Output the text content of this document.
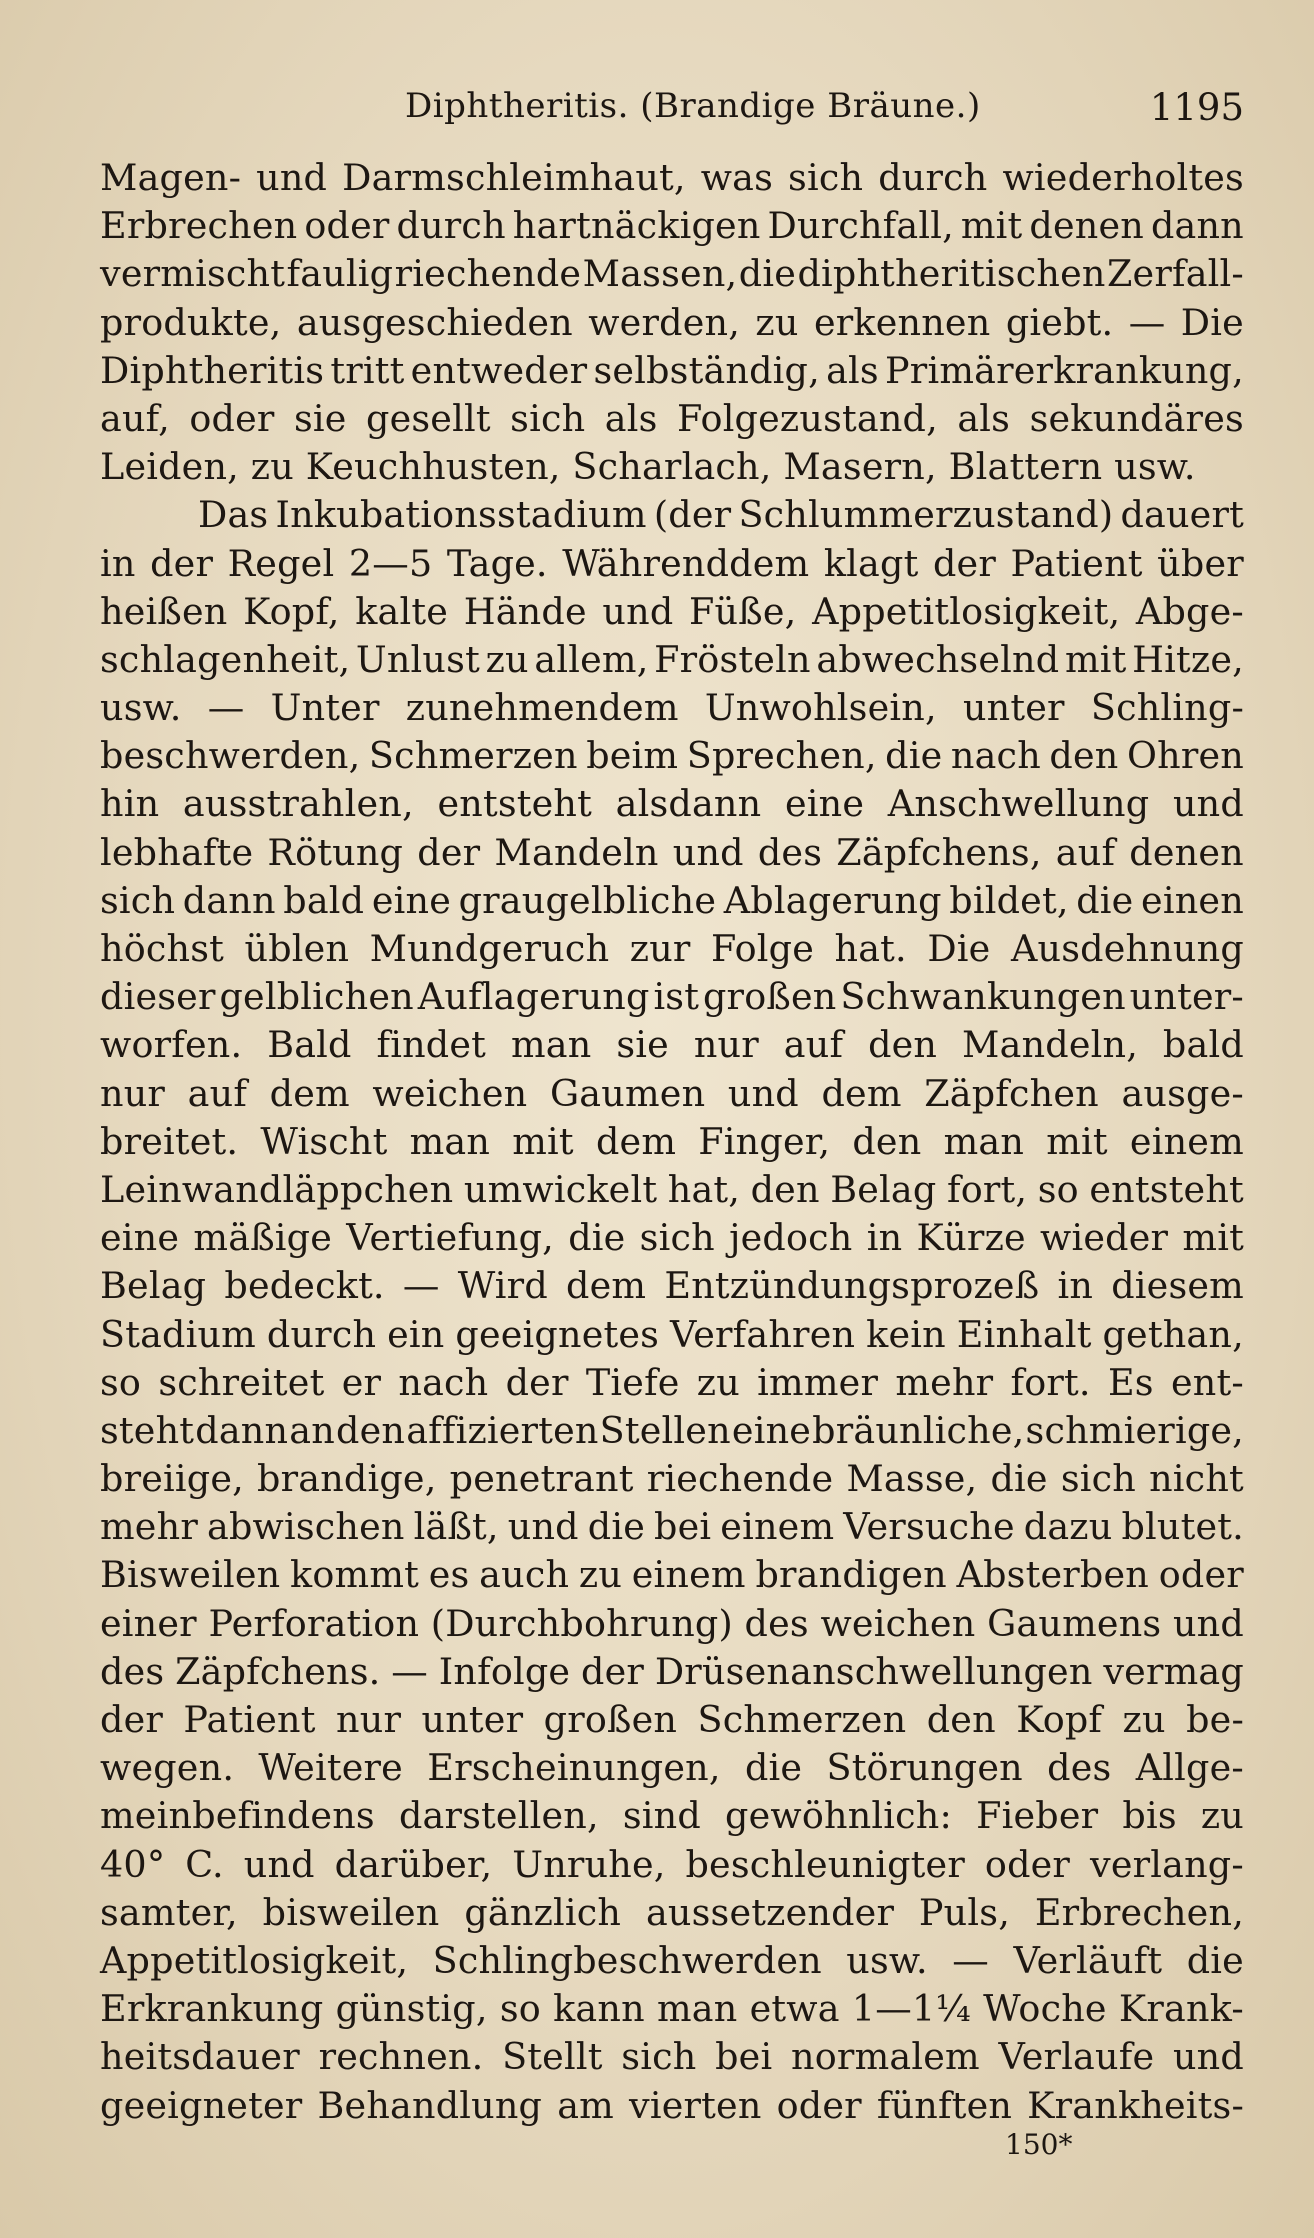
Diphtheritis. (Brandige Bräune.)	1195
Magen- und Darmschleimhaut, was sich durch wiederholtes
Erbrechen oder durch hartnäckigen Durchfall, mit denen dann
vermischt faulig riechende Massen, die diphtheritischen Zerfall-
produkte, ausgeschieden werden, zu erkennen giebt. — Die
Diphtheritis tritt entweder selbständig, als Primärerkrankung,
auf, oder sie gesellt sich als Folgezustand, als sekundäres
Leiden, zu Keuchhusten, Scharlach, Masern, Blattern usw.
Das Inkubationsstadium (der Schlummerzustand) dauert
in der Regel 2—5 Tage. Währenddem klagt der Patient über
heißen Kopf, kalte Hände und Füße, Appetitlosigkeit, Abge-
schlagenheit, Unlust zu allem, Frösteln abwechselnd mit Hitze,
usw. — Unter zunehmendem Unwohlsein, unter Schling-
beschwerden, Schmerzen beim Sprechen, die nach den Ohren
hin ausstrahlen, entsteht alsdann eine Anschwellung und
lebhafte Rötung der Mandeln und des Zäpfchens, auf denen
sich dann bald eine graugelbliche Ablagerung bildet, die einen
höchst üblen Mundgeruch zur Folge hat. Die Ausdehnung
dieser gelblichen Auflagerung ist großen Schwankungen unter-
worfen. Bald findet man sie nur auf den Mandeln, bald
nur auf dem weichen Gaumen und dem Zäpfchen ausge-
breitet. Wischt man mit dem Finger, den man mit einem
Leinwandläppchen umwickelt hat, den Belag fort, so entsteht
eine mäßige Vertiefung, die sich jedoch in Kürze wieder mit
Belag bedeckt. — Wird dem Entzündungsprozeß in diesem
Stadium durch ein geeignetes Verfahren kein Einhalt gethan,
so schreitet er nach der Tiefe zu immer mehr fort. Es ent-
steht dann an den affizierten Stellen eine bräunliche, schmierige,
breiige, brandige, penetrant riechende Masse, die sich nicht
mehr abwischen läßt, und die bei einem Versuche dazu blutet.
Bisweilen kommt es auch zu einem brandigen Absterben oder
einer Perforation (Durchbohrung) des weichen Gaumens und
des Zäpfchens. — Infolge der Drüsenanschwellungen vermag
der Patient nur unter großen Schmerzen den Kopf zu be-
wegen. Weitere Erscheinungen, die Störungen des Allge-
meinbefindens darstellen, sind gewöhnlich: Fieber bis zu
40° C. und darüber, Unruhe, beschleunigter oder verlang-
samter, bisweilen gänzlich aussetzender Puls, Erbrechen,
Appetitlosigkeit, Schlingbeschwerden usw. — Verläuft die
Erkrankung günstig, so kann man etwa 1—1¼ Woche Krank-
heitsdauer rechnen. Stellt sich bei normalem Verlaufe und
geeigneter Behandlung am vierten oder fünften Krankheits-
150*
